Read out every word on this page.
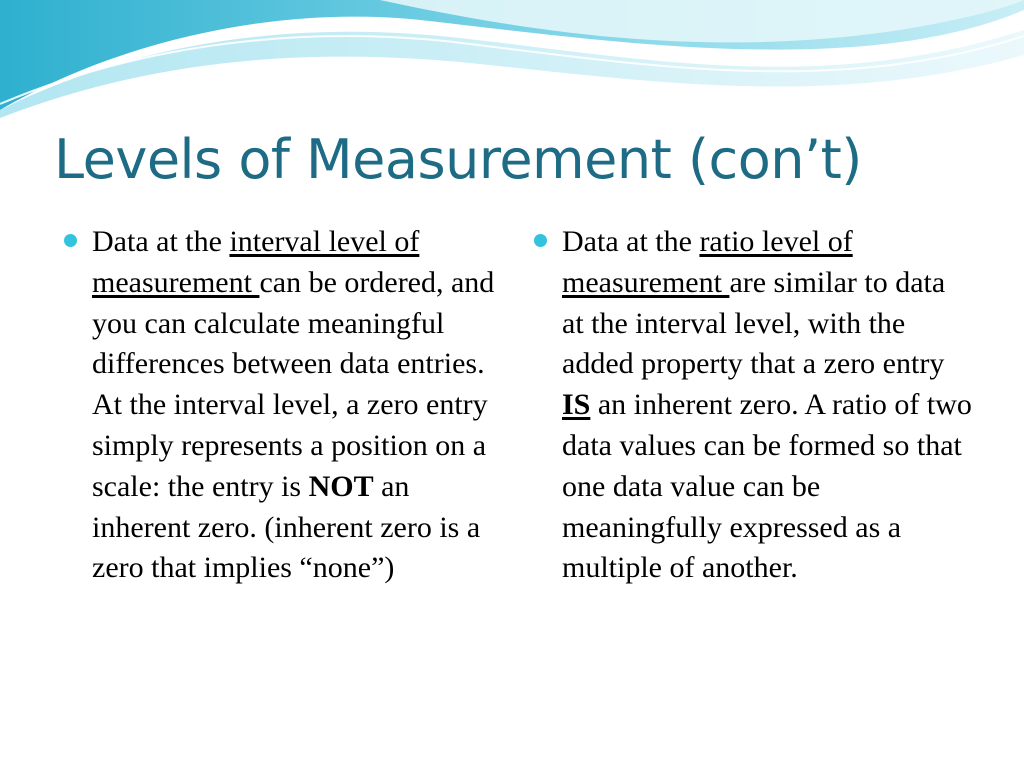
Levels of Measurement (con’t)

Data at the interval level of measurement can be ordered, and you can calculate meaningful differences between data entries. At the interval level, a zero entry simply represents a position on a scale: the entry is NOT an inherent zero. (inherent zero is a zero that implies “none”)

Data at the ratio level of measurement are similar to data at the interval level, with the added property that a zero entry IS an inherent zero. A ratio of two data values can be formed so that one data value can be meaningfully expressed as a multiple of another.
